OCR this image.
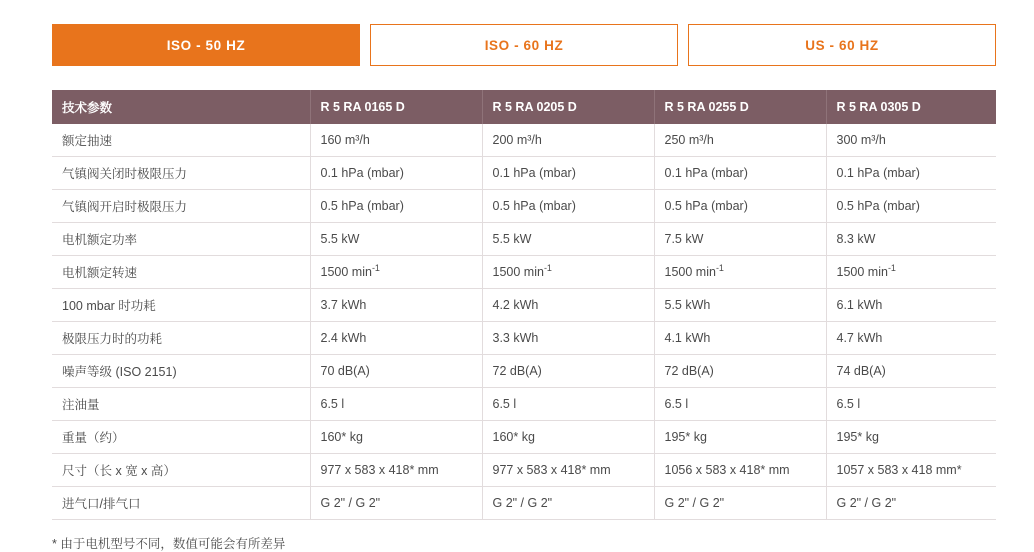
ISO - 50 HZ	ISO - 60 HZ	US - 60 HZ
技术参数	R 5 RA 0165 D	R 5 RA 0205 D	R 5 RA 0255 D	R 5 RA 0305 D
额定抽速	160 m³/h	200 m³/h	250 m³/h	300 m³/h
气镇阀关闭时极限压力	0.1 hPa (mbar)	0.1 hPa (mbar)	0.1 hPa (mbar)	0.1 hPa (mbar)
气镇阀开启时极限压力	0.5 hPa (mbar)	0.5 hPa (mbar)	0.5 hPa (mbar)	0.5 hPa (mbar)
电机额定功率	5.5 kW	5.5 kW	7.5 kW	8.3 kW
电机额定转速	1500 $\min^{-1}$	1500 $\min^{-1}$	1500 $\min^{-1}$	1500 $\min^{-1}$
100 mbar 时功耗	3.7 kWh	4.2 kWh	5.5 kWh	6.1 kWh
极限压力时的功耗	2.4 kWh	3.3 kWh	4.1 kWh	4.7 kWh
噪声等级 (ISO 2151)	70 dB(A)	72 dB(A)	72 dB(A)	74 dB(A)
注油量	6.5 l	6.5 l	6.5 l	6.5 l
重量（约）	160* kg	160* kg	195* kg	195* kg
尺寸（长 x 宽 x 高）	977 x 583 x 418* mm	977 x 583 x 418* mm	1056 x 583 x 418* mm	1057 x 583 x 418 mm*
进气口/排气口	G 2" / G 2"	G 2" / G 2"	G 2" / G 2"	G 2" / G 2"
* 由于电机型号不同，数值可能会有所差异
